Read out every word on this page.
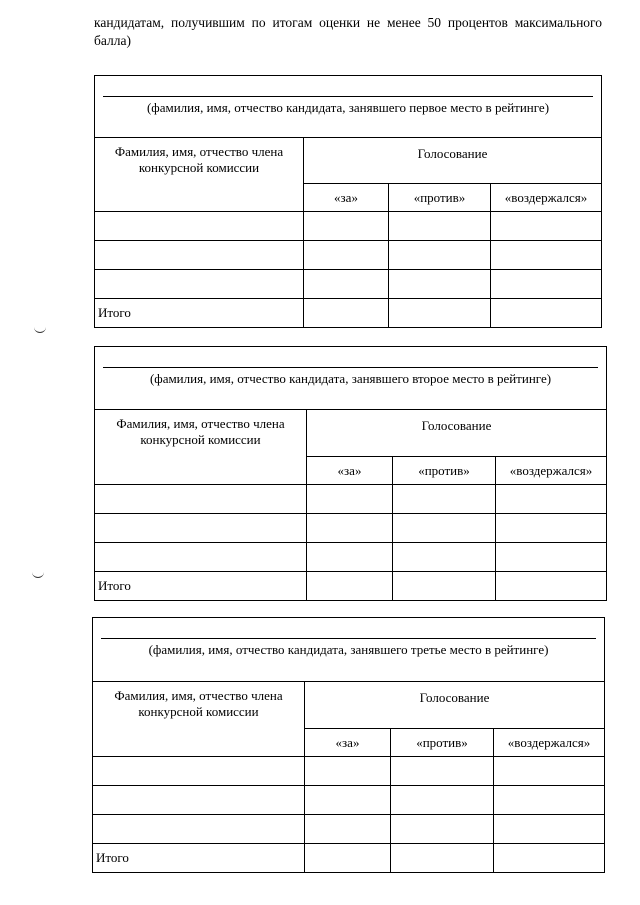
кандидатам, получившим по итогам оценки не менее 50 процентов максимального балла)
(фамилия, имя, отчество кандидата, занявшего первое место в рейтинге)			

Фамилия, имя, отчество члена конкурсной комиссии	Голосование		
	«за»	«против»	«воздержался»

Итого			
(фамилия, имя, отчество кандидата, занявшего второе место в рейтинге)			

Фамилия, имя, отчество члена конкурсной комиссии	Голосование		
	«за»	«против»	«воздержался»

Итого			
(фамилия, имя, отчество кандидата, занявшего третье место в рейтинге)			

Фамилия, имя, отчество члена конкурсной комиссии	Голосование		
	«за»	«против»	«воздержался»

Итого			
